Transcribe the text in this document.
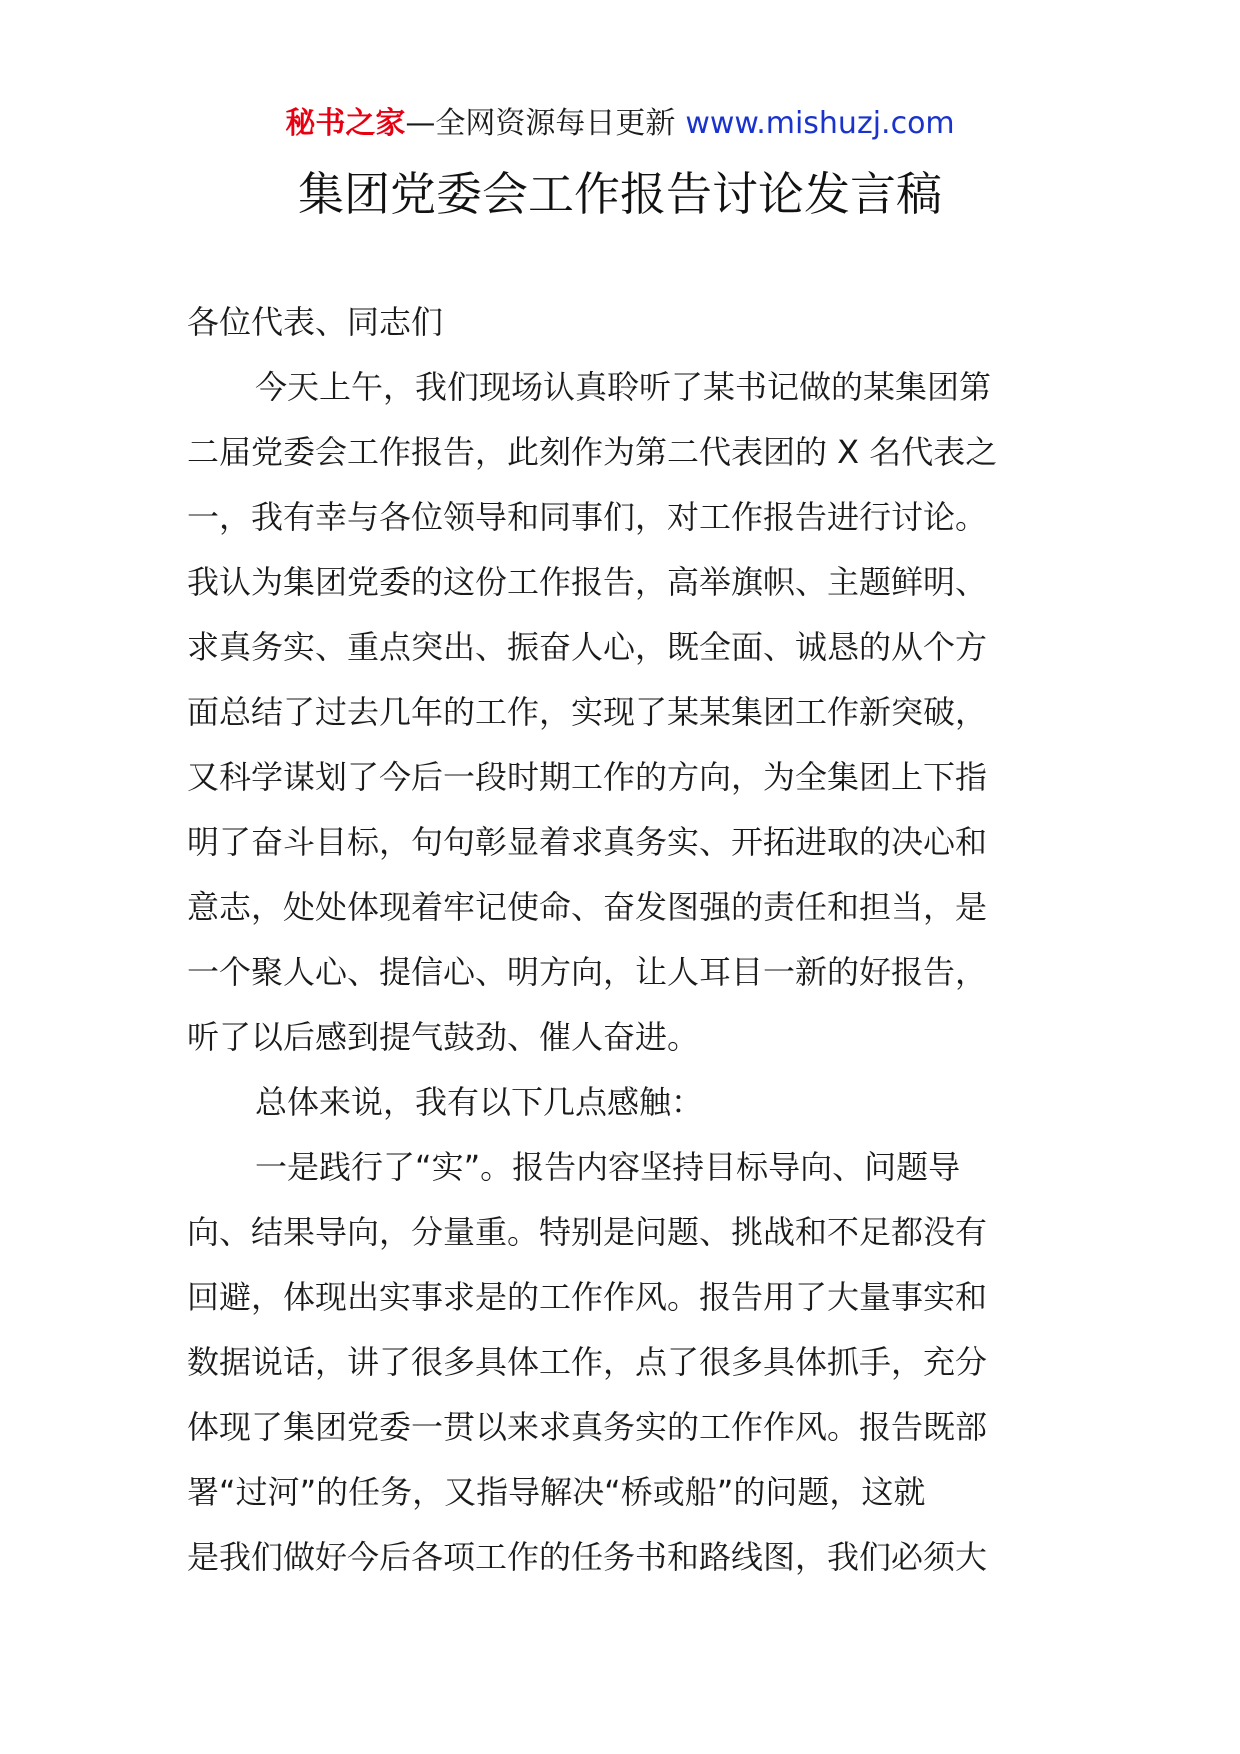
秘书之家—全网资源每日更新 www.mishuzj.com
集团党委会工作报告讨论发言稿
各位代表、同志们
今天上午，我们现场认真聆听了某书记做的某集团第
二届党委会工作报告，此刻作为第二代表团的 X 名代表之
一，我有幸与各位领导和同事们，对工作报告进行讨论。
我认为集团党委的这份工作报告，高举旗帜、主题鲜明、
求真务实、重点突出、振奋人心，既全面、诚恳的从个方
面总结了过去几年的工作，实现了某某集团工作新突破，
又科学谋划了今后一段时期工作的方向，为全集团上下指
明了奋斗目标，句句彰显着求真务实、开拓进取的决心和
意志，处处体现着牢记使命、奋发图强的责任和担当，是
一个聚人心、提信心、明方向，让人耳目一新的好报告，
听了以后感到提气鼓劲、催人奋进。
总体来说，我有以下几点感触：
一是践行了“实”。报告内容坚持目标导向、问题导
向、结果导向，分量重。特别是问题、挑战和不足都没有
回避，体现出实事求是的工作作风。报告用了大量事实和
数据说话，讲了很多具体工作，点了很多具体抓手，充分
体现了集团党委一贯以来求真务实的工作作风。报告既部
署“过河”的任务，又指导解决“桥或船”的问题，这就
是我们做好今后各项工作的任务书和路线图，我们必须大
